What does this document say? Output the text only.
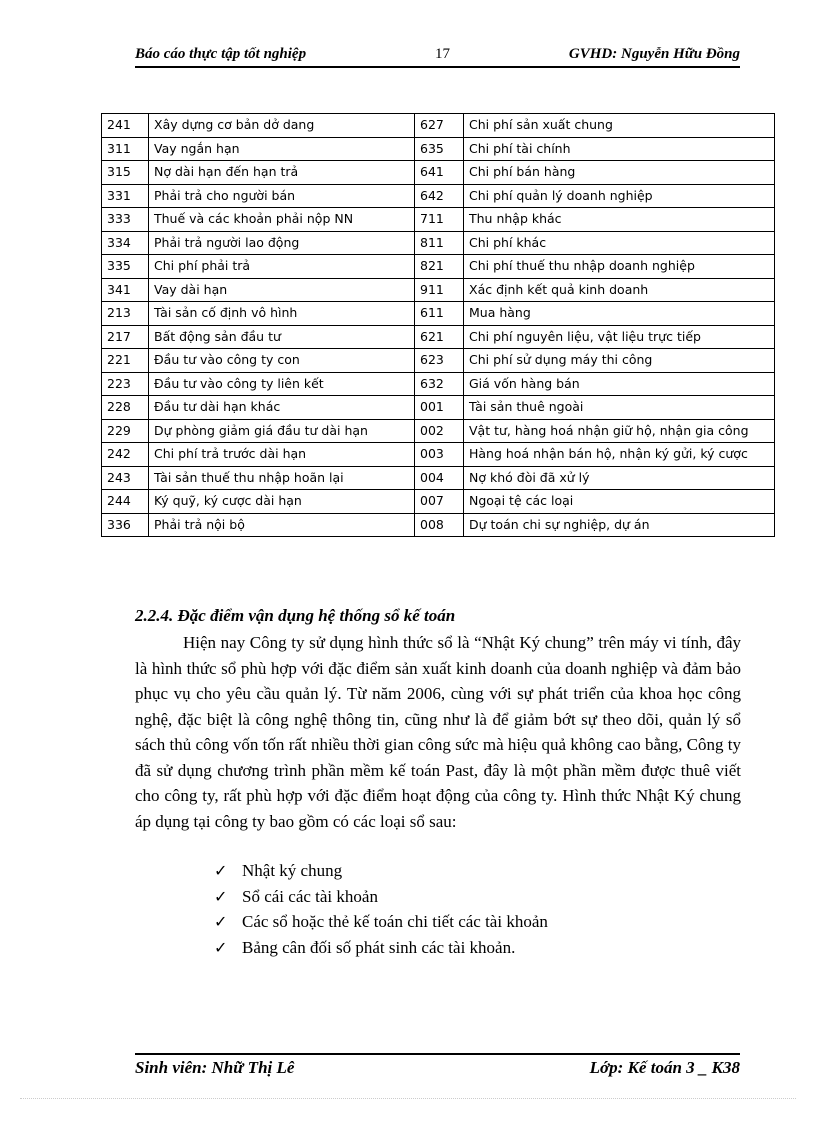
Báo cáo thực tập tốt nghiệp	17	GVHD: Nguyễn Hữu Đồng
241	Xây dựng cơ bản dở dang	627	Chi phí sản xuất chung
311	Vay ngắn hạn	635	Chi phí tài chính
315	Nợ dài hạn đến hạn trả	641	Chi phí bán hàng
331	Phải trả cho người bán	642	Chi phí quản lý doanh nghiệp
333	Thuế và các khoản phải nộp NN	711	Thu nhập khác
334	Phải trả người lao động	811	Chi phí khác
335	Chi phí phải trả	821	Chi phí thuế thu nhập doanh nghiệp
341	Vay dài hạn	911	Xác định kết quả kinh doanh
213	Tài sản cố định vô hình	611	Mua hàng
217	Bất động sản đầu tư	621	Chi phí nguyên liệu, vật liệu trực tiếp
221	Đầu tư vào công ty con	623	Chi phí sử dụng máy thi công
223	Đầu tư vào công ty liên kết	632	Giá vốn hàng bán
228	Đầu tư dài hạn khác	001	Tài sản thuê ngoài
229	Dự phòng giảm giá đầu tư dài hạn	002	Vật tư, hàng hoá nhận giữ hộ, nhận gia công
242	Chi phí trả trước dài hạn	003	Hàng hoá nhận bán hộ, nhận ký gửi, ký cược
243	Tài sản thuế thu nhập hoãn lại	004	Nợ khó đòi đã xử lý
244	Ký quỹ, ký cược dài hạn	007	Ngoại tệ các loại
336	Phải trả nội bộ	008	Dự toán chi sự nghiệp, dự án
2.2.4. Đặc điểm vận dụng hệ thống sổ kế toán
Hiện nay Công ty sử dụng hình thức sổ là “Nhật Ký chung” trên máy vi tính, đây là hình thức sổ phù hợp với đặc điểm sản xuất kinh doanh của doanh nghiệp và đảm bảo phục vụ cho yêu cầu quản lý. Từ năm 2006, cùng với sự phát triển của khoa học công nghệ, đặc biệt là công nghệ thông tin, cũng như là để giảm bớt sự theo dõi, quản lý sổ sách thủ công vốn tốn rất nhiều thời gian công sức mà hiệu quả không cao bằng, Công ty đã sử dụng chương trình phần mềm kế toán Past, đây là một phần mềm được thuê viết cho công ty, rất phù hợp với đặc điểm hoạt động của công ty. Hình thức Nhật Ký chung áp dụng tại công ty bao gồm có các loại sổ sau:
✓ Nhật ký chung
✓ Sổ cái các tài khoản
✓ Các sổ hoặc thẻ kế toán chi tiết các tài khoản
✓ Bảng cân đối số phát sinh các tài khoản.
Sinh viên: Nhữ Thị Lê	Lớp: Kế toán 3 _ K38
